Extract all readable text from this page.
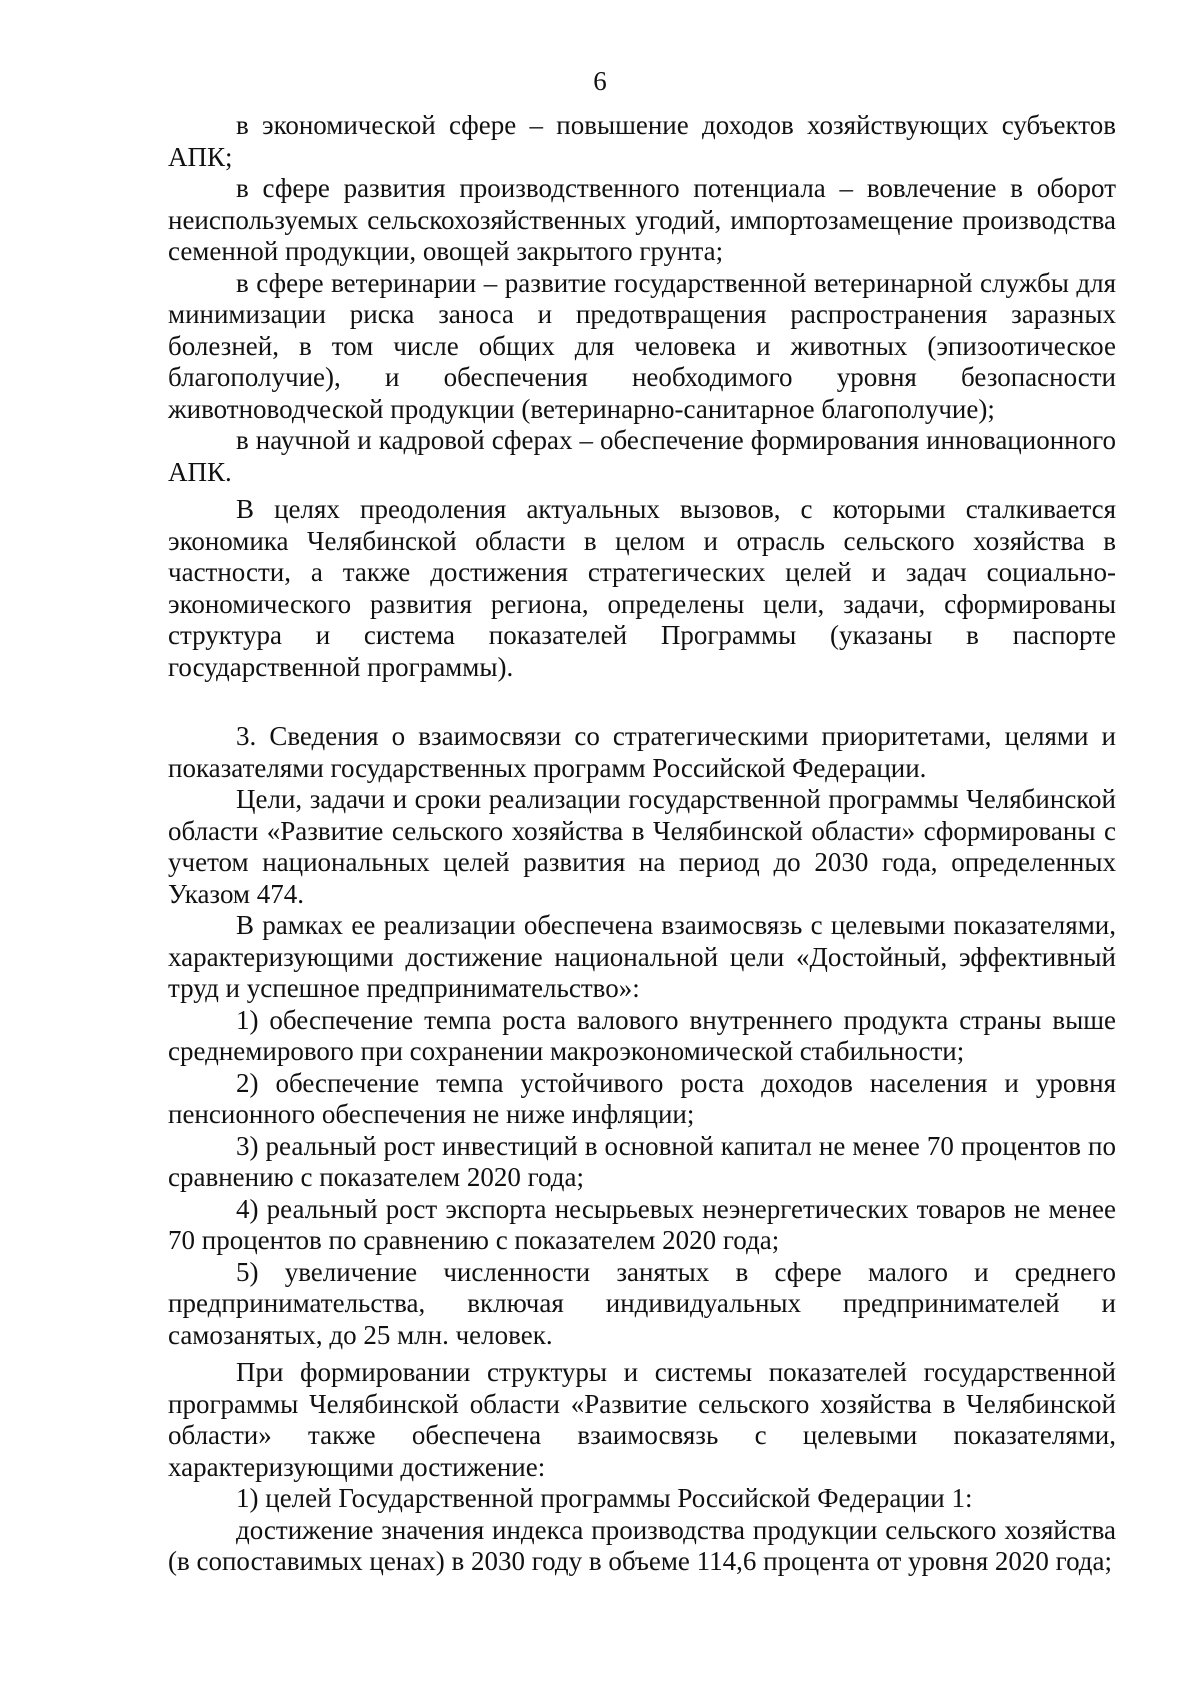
6

в экономической сфере – повышение доходов хозяйствующих субъектов АПК;

в сфере развития производственного потенциала – вовлечение в оборот неиспользуемых сельскохозяйственных угодий, импортозамещение производства семенной продукции, овощей закрытого грунта;

в сфере ветеринарии – развитие государственной ветеринарной службы для минимизации риска заноса и предотвращения распространения заразных болезней, в том числе общих для человека и животных (эпизоотическое благополучие), и обеспечения необходимого уровня безопасности животноводческой продукции (ветеринарно-санитарное благополучие);

в научной и кадровой сферах – обеспечение формирования инновационного АПК.

В целях преодоления актуальных вызовов, с которыми сталкивается экономика Челябинской области в целом и отрасль сельского хозяйства в частности, а также достижения стратегических целей и задач социально-экономического развития региона, определены цели, задачи, сформированы структура и система показателей Программы (указаны в паспорте государственной программы).

3. Сведения о взаимосвязи со стратегическими приоритетами, целями и показателями государственных программ Российской Федерации.

Цели, задачи и сроки реализации государственной программы Челябинской области «Развитие сельского хозяйства в Челябинской области» сформированы с учетом национальных целей развития на период до 2030 года, определенных Указом 474.

В рамках ее реализации обеспечена взаимосвязь с целевыми показателями, характеризующими достижение национальной цели «Достойный, эффективный труд и успешное предпринимательство»:

1) обеспечение темпа роста валового внутреннего продукта страны выше среднемирового при сохранении макроэкономической стабильности;

2) обеспечение темпа устойчивого роста доходов населения и уровня пенсионного обеспечения не ниже инфляции;

3) реальный рост инвестиций в основной капитал не менее 70 процентов по сравнению с показателем 2020 года;

4) реальный рост экспорта несырьевых неэнергетических товаров не менее 70 процентов по сравнению с показателем 2020 года;

5) увеличение численности занятых в сфере малого и среднего предпринимательства, включая индивидуальных предпринимателей и самозанятых, до 25 млн. человек.

При формировании структуры и системы показателей государственной программы Челябинской области «Развитие сельского хозяйства в Челябинской области» также обеспечена взаимосвязь с целевыми показателями, характеризующими достижение:

1) целей Государственной программы Российской Федерации 1:

достижение значения индекса производства продукции сельского хозяйства (в сопоставимых ценах) в 2030 году в объеме 114,6 процента от уровня 2020 года;
